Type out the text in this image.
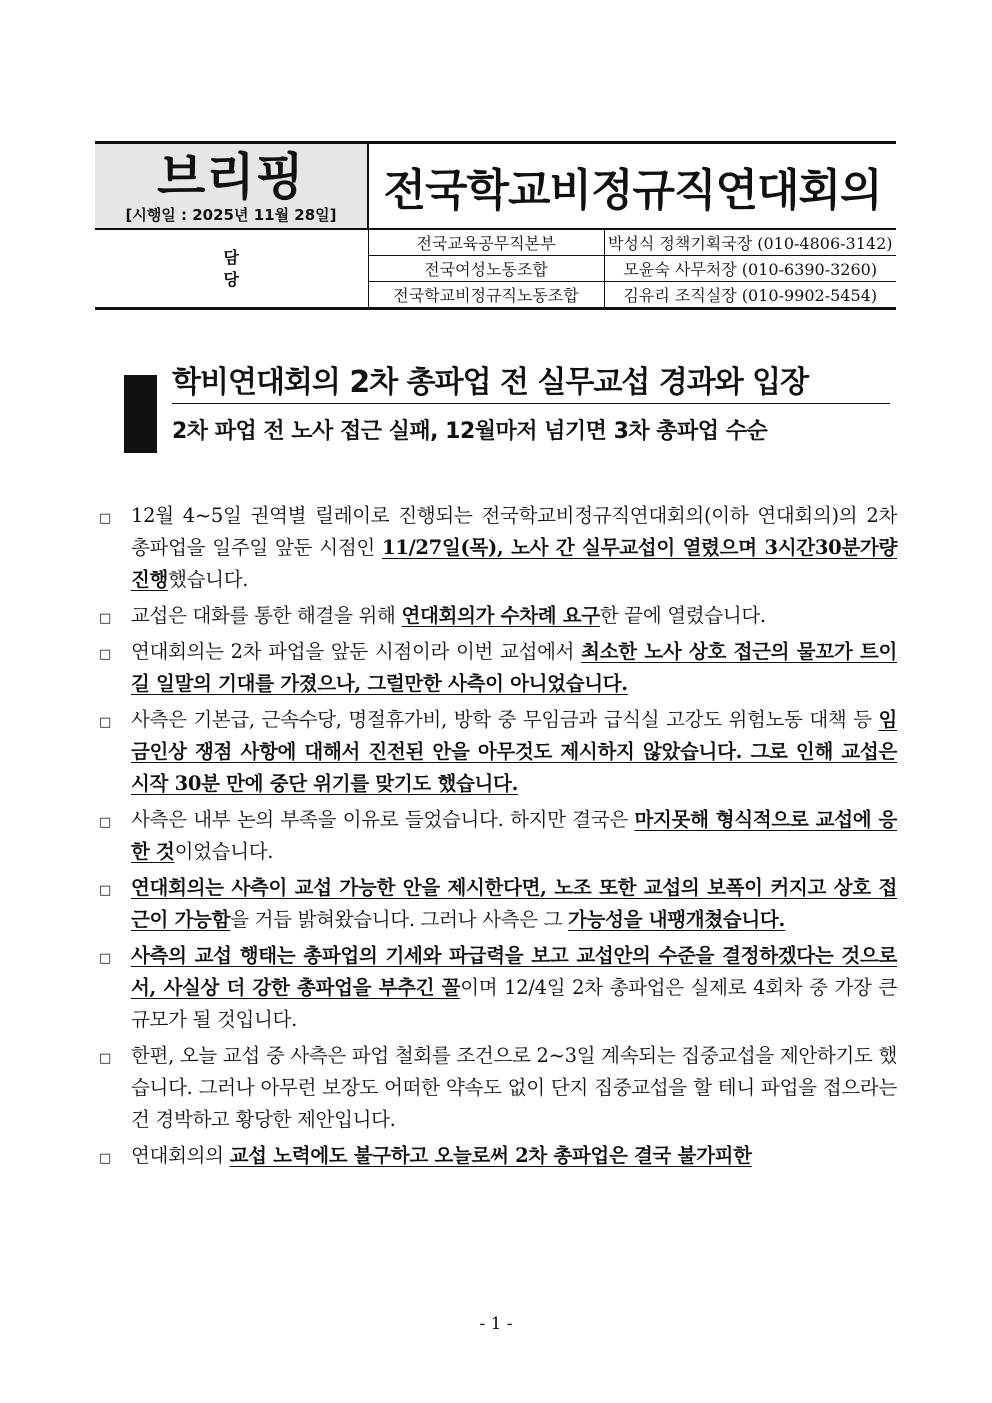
브리핑
[시행일 : 2025년 11월 28일]	전국학교비정규직연대회의	
담
당	전국교육공무직본부	박성식 정책기획국장 (010-4806-3142)
	전국여성노동조합	모윤숙 사무처장 (010-6390-3260)
	전국학교비정규직노동조합	김유리 조직실장 (010-9902-5454)
학비연대회의 2차 총파업 전 실무교섭 경과와 입장
2차 파업 전 노사 접근 실패, 12월마저 넘기면 3차 총파업 수순
□ 12월 4~5일 권역별 릴레이로 진행되는 전국학교비정규직연대회의(이하 연대회의)의 2차 총파업을 일주일 앞둔 시점인 11/27일(목), 노사 간 실무교섭이 열렸으며 3시간30분가량 진행했습니다.
□ 교섭은 대화를 통한 해결을 위해 연대회의가 수차례 요구한 끝에 열렸습니다.
□ 연대회의는 2차 파업을 앞둔 시점이라 이번 교섭에서 최소한 노사 상호 접근의 물꼬가 트이길 일말의 기대를 가졌으나, 그럴만한 사측이 아니었습니다.
□ 사측은 기본급, 근속수당, 명절휴가비, 방학 중 무임금과 급식실 고강도 위험노동 대책 등 임금인상 쟁점 사항에 대해서 진전된 안을 아무것도 제시하지 않았습니다. 그로 인해 교섭은 시작 30분 만에 중단 위기를 맞기도 했습니다.
□ 사측은 내부 논의 부족을 이유로 들었습니다. 하지만 결국은 마지못해 형식적으로 교섭에 응한 것이었습니다.
□ 연대회의는 사측이 교섭 가능한 안을 제시한다면, 노조 또한 교섭의 보폭이 커지고 상호 접근이 가능함을 거듭 밝혀왔습니다. 그러나 사측은 그 가능성을 내팽개쳤습니다.
□ 사측의 교섭 행태는 총파업의 기세와 파급력을 보고 교섭안의 수준을 결정하겠다는 것으로서, 사실상 더 강한 총파업을 부추긴 꼴이며 12/4일 2차 총파업은 실제로 4회차 중 가장 큰 규모가 될 것입니다.
□ 한편, 오늘 교섭 중 사측은 파업 철회를 조건으로 2~3일 계속되는 집중교섭을 제안하기도 했습니다. 그러나 아무런 보장도 어떠한 약속도 없이 단지 집중교섭을 할 테니 파업을 접으라는 건 경박하고 황당한 제안입니다.
□ 연대회의의 교섭 노력에도 불구하고 오늘로써 2차 총파업은 결국 불가피한
- 1 -
